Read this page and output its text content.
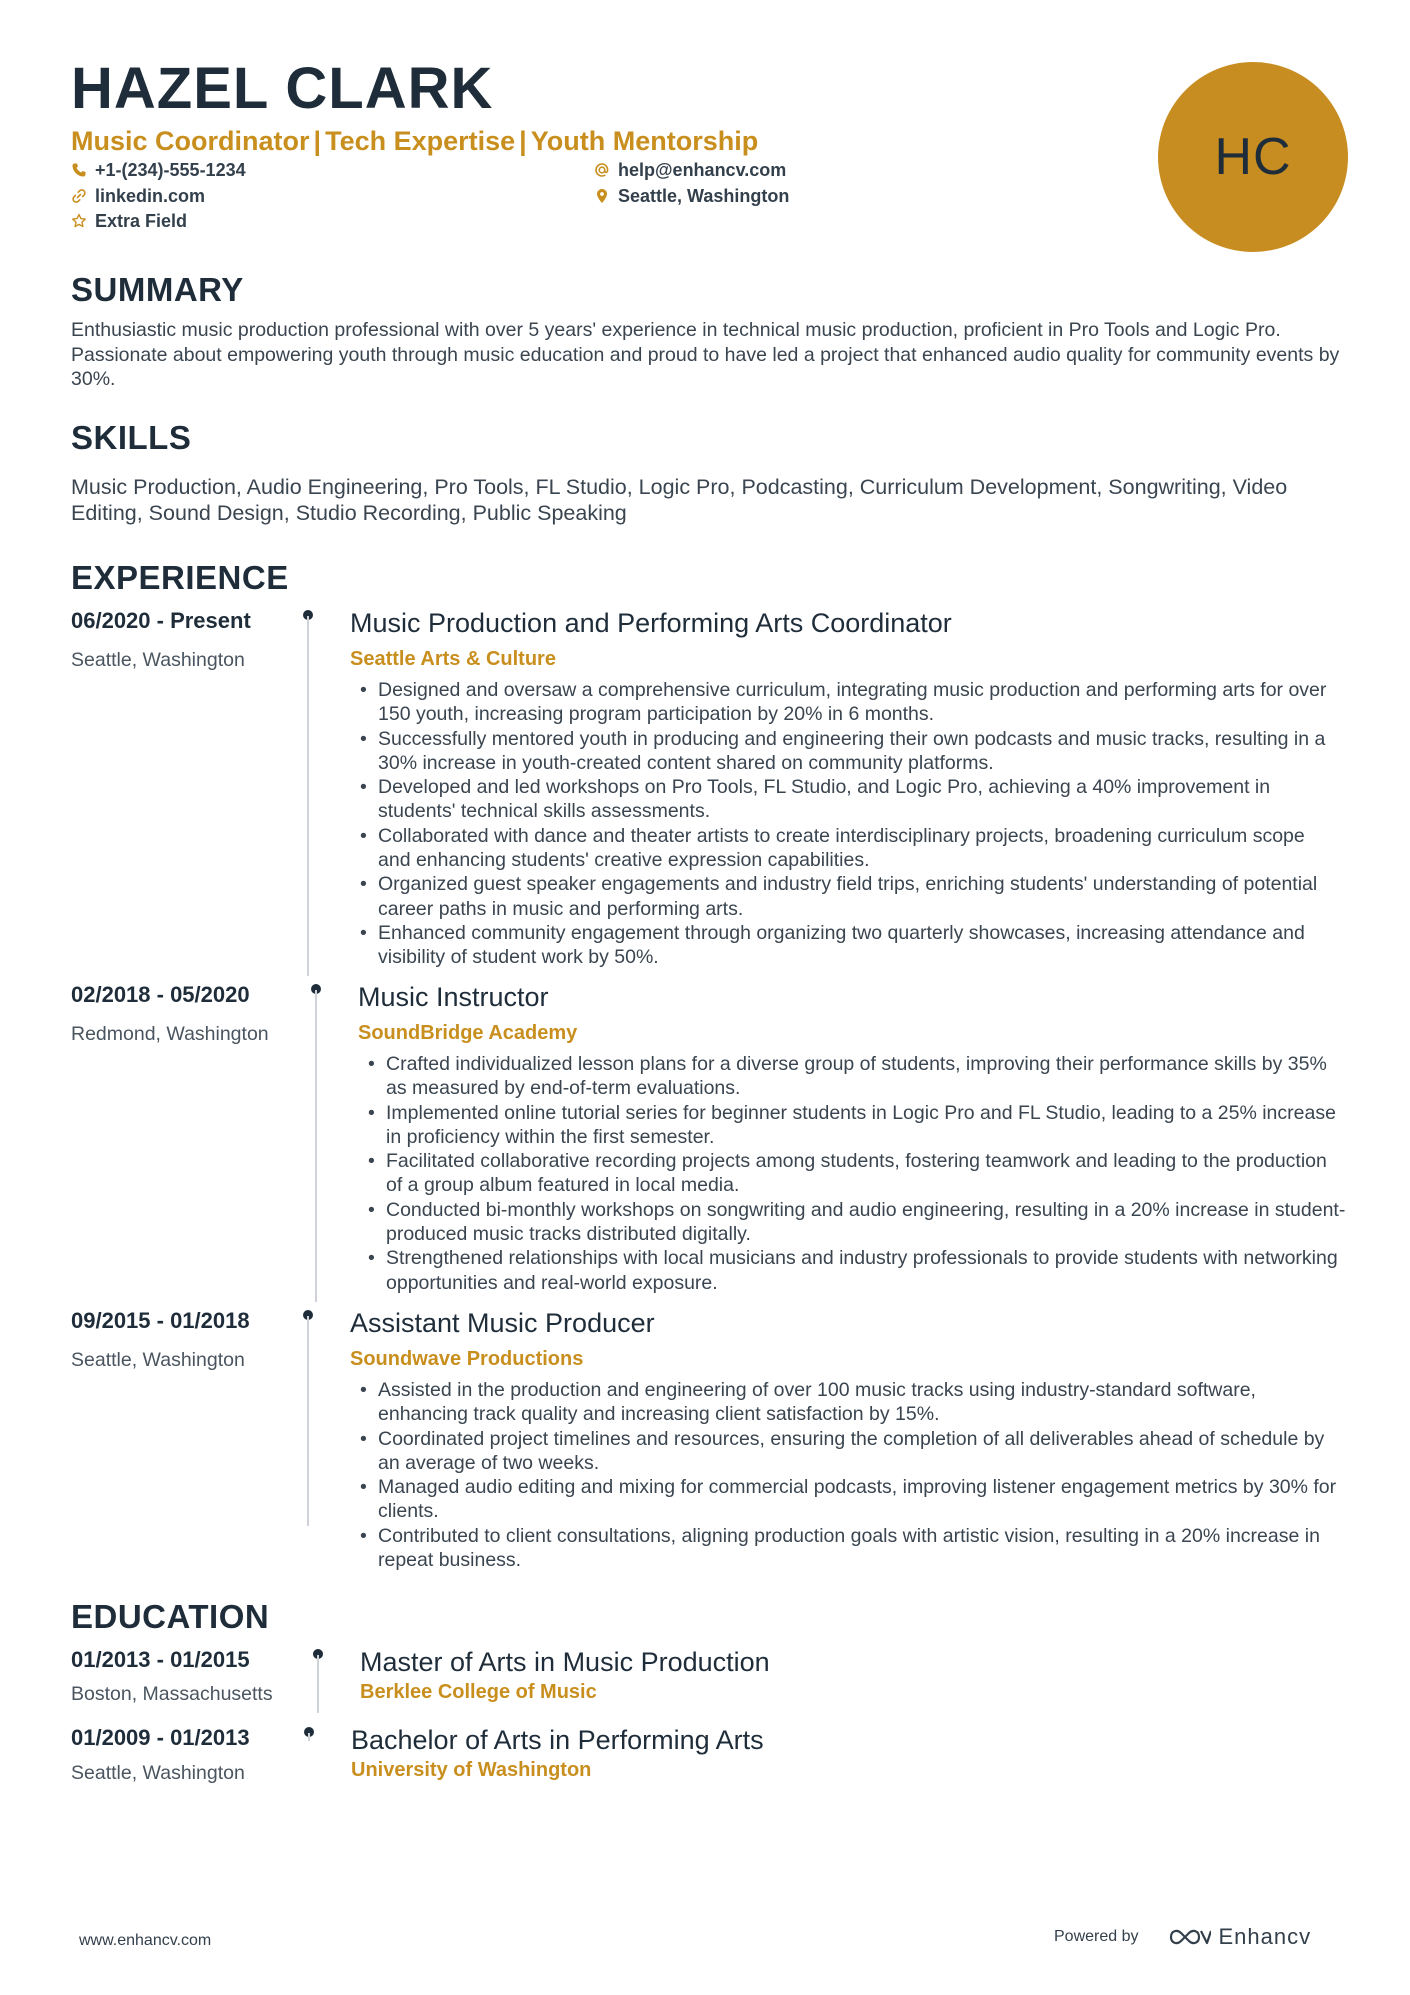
HAZEL CLARK
Music Coordinator | Tech Expertise | Youth Mentorship
+1-(234)-555-1234	help@enhancv.com
linkedin.com	Seattle, Washington
Extra Field
HC
SUMMARY
Enthusiastic music production professional with over 5 years' experience in technical music production, proficient in Pro Tools and Logic Pro. Passionate about empowering youth through music education and proud to have led a project that enhanced audio quality for community events by 30%.
SKILLS
Music Production, Audio Engineering, Pro Tools, FL Studio, Logic Pro, Podcasting, Curriculum Development, Songwriting, Video Editing, Sound Design, Studio Recording, Public Speaking
EXPERIENCE
06/2020 - Present
Seattle, Washington
Music Production and Performing Arts Coordinator
Seattle Arts & Culture
• Designed and oversaw a comprehensive curriculum, integrating music production and performing arts for over 150 youth, increasing program participation by 20% in 6 months.
• Successfully mentored youth in producing and engineering their own podcasts and music tracks, resulting in a 30% increase in youth-created content shared on community platforms.
• Developed and led workshops on Pro Tools, FL Studio, and Logic Pro, achieving a 40% improvement in students' technical skills assessments.
• Collaborated with dance and theater artists to create interdisciplinary projects, broadening curriculum scope and enhancing students' creative expression capabilities.
• Organized guest speaker engagements and industry field trips, enriching students' understanding of potential career paths in music and performing arts.
• Enhanced community engagement through organizing two quarterly showcases, increasing attendance and visibility of student work by 50%.
02/2018 - 05/2020
Redmond, Washington
Music Instructor
SoundBridge Academy
• Crafted individualized lesson plans for a diverse group of students, improving their performance skills by 35% as measured by end-of-term evaluations.
• Implemented online tutorial series for beginner students in Logic Pro and FL Studio, leading to a 25% increase in proficiency within the first semester.
• Facilitated collaborative recording projects among students, fostering teamwork and leading to the production of a group album featured in local media.
• Conducted bi-monthly workshops on songwriting and audio engineering, resulting in a 20% increase in student-produced music tracks distributed digitally.
• Strengthened relationships with local musicians and industry professionals to provide students with networking opportunities and real-world exposure.
09/2015 - 01/2018
Seattle, Washington
Assistant Music Producer
Soundwave Productions
• Assisted in the production and engineering of over 100 music tracks using industry-standard software, enhancing track quality and increasing client satisfaction by 15%.
• Coordinated project timelines and resources, ensuring the completion of all deliverables ahead of schedule by an average of two weeks.
• Managed audio editing and mixing for commercial podcasts, improving listener engagement metrics by 30% for clients.
• Contributed to client consultations, aligning production goals with artistic vision, resulting in a 20% increase in repeat business.
EDUCATION
01/2013 - 01/2015
Boston, Massachusetts
Master of Arts in Music Production
Berklee College of Music
01/2009 - 01/2013
Seattle, Washington
Bachelor of Arts in Performing Arts
University of Washington
www.enhancv.com	Powered by	Enhancv
